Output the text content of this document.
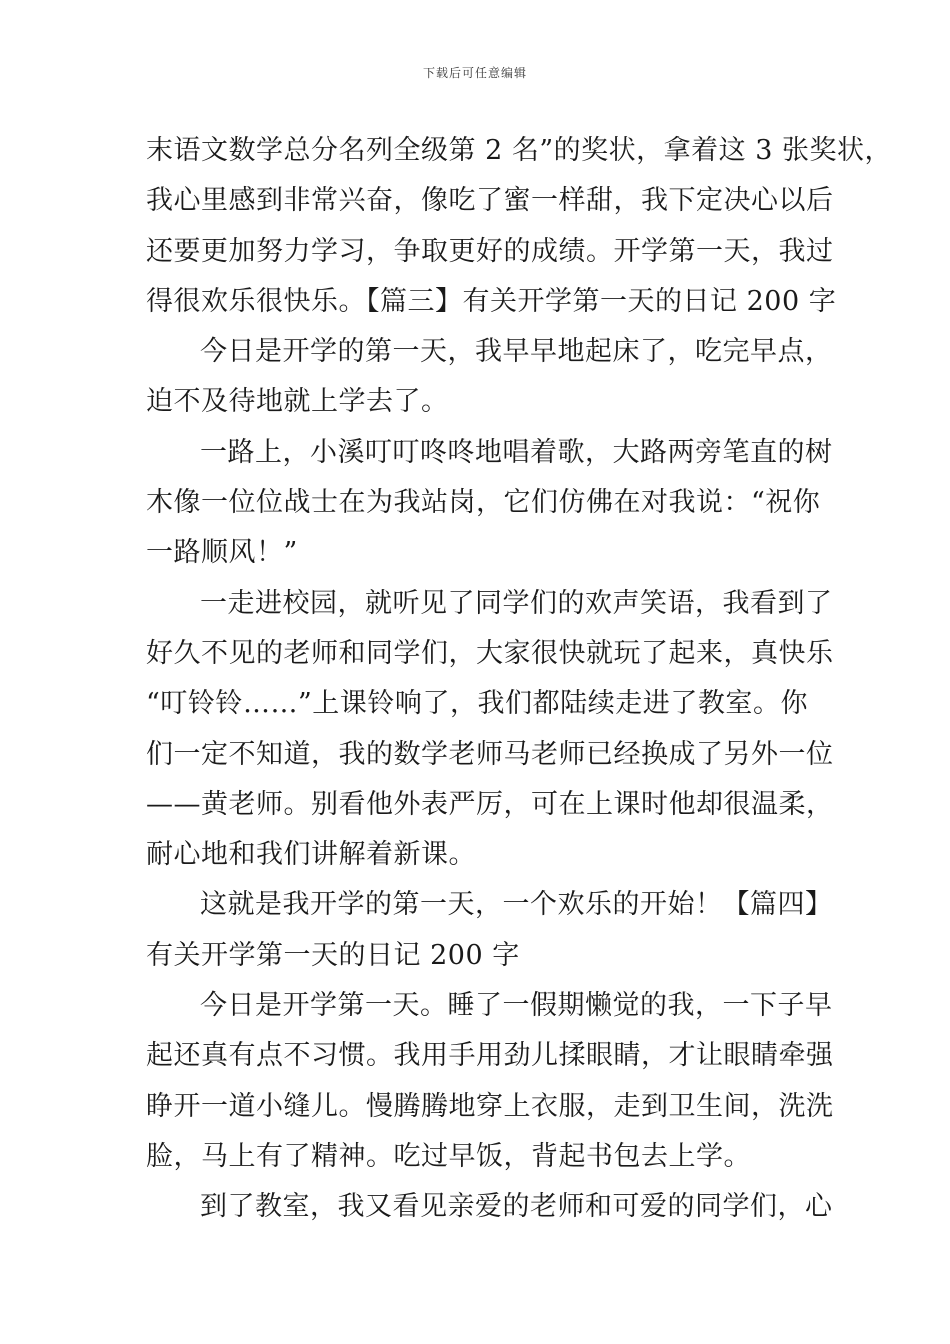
下载后可任意编辑
末语文数学总分名列全级第 2 名”的奖状，拿着这 3 张奖状，
我心里感到非常兴奋，像吃了蜜一样甜，我下定决心以后
还要更加努力学习，争取更好的成绩。开学第一天，我过
得很欢乐很快乐。【篇三】有关开学第一天的日记 200 字
今日是开学的第一天，我早早地起床了，吃完早点，
迫不及待地就上学去了。
一路上，小溪叮叮咚咚地唱着歌，大路两旁笔直的树
木像一位位战士在为我站岗，它们仿佛在对我说：“祝你
一路顺风！”
一走进校园，就听见了同学们的欢声笑语，我看到了
好久不见的老师和同学们，大家很快就玩了起来，真快乐
“叮铃铃……”上课铃响了，我们都陆续走进了教室。你
们一定不知道，我的数学老师马老师已经换成了另外一位
——黄老师。别看他外表严厉，可在上课时他却很温柔，
耐心地和我们讲解着新课。
这就是我开学的第一天，一个欢乐的开始！【篇四】
有关开学第一天的日记 200 字
今日是开学第一天。睡了一假期懒觉的我，一下子早
起还真有点不习惯。我用手用劲儿揉眼睛，才让眼睛牵强
睁开一道小缝儿。慢腾腾地穿上衣服，走到卫生间，洗洗
脸，马上有了精神。吃过早饭，背起书包去上学。
到了教室，我又看见亲爱的老师和可爱的同学们，心
